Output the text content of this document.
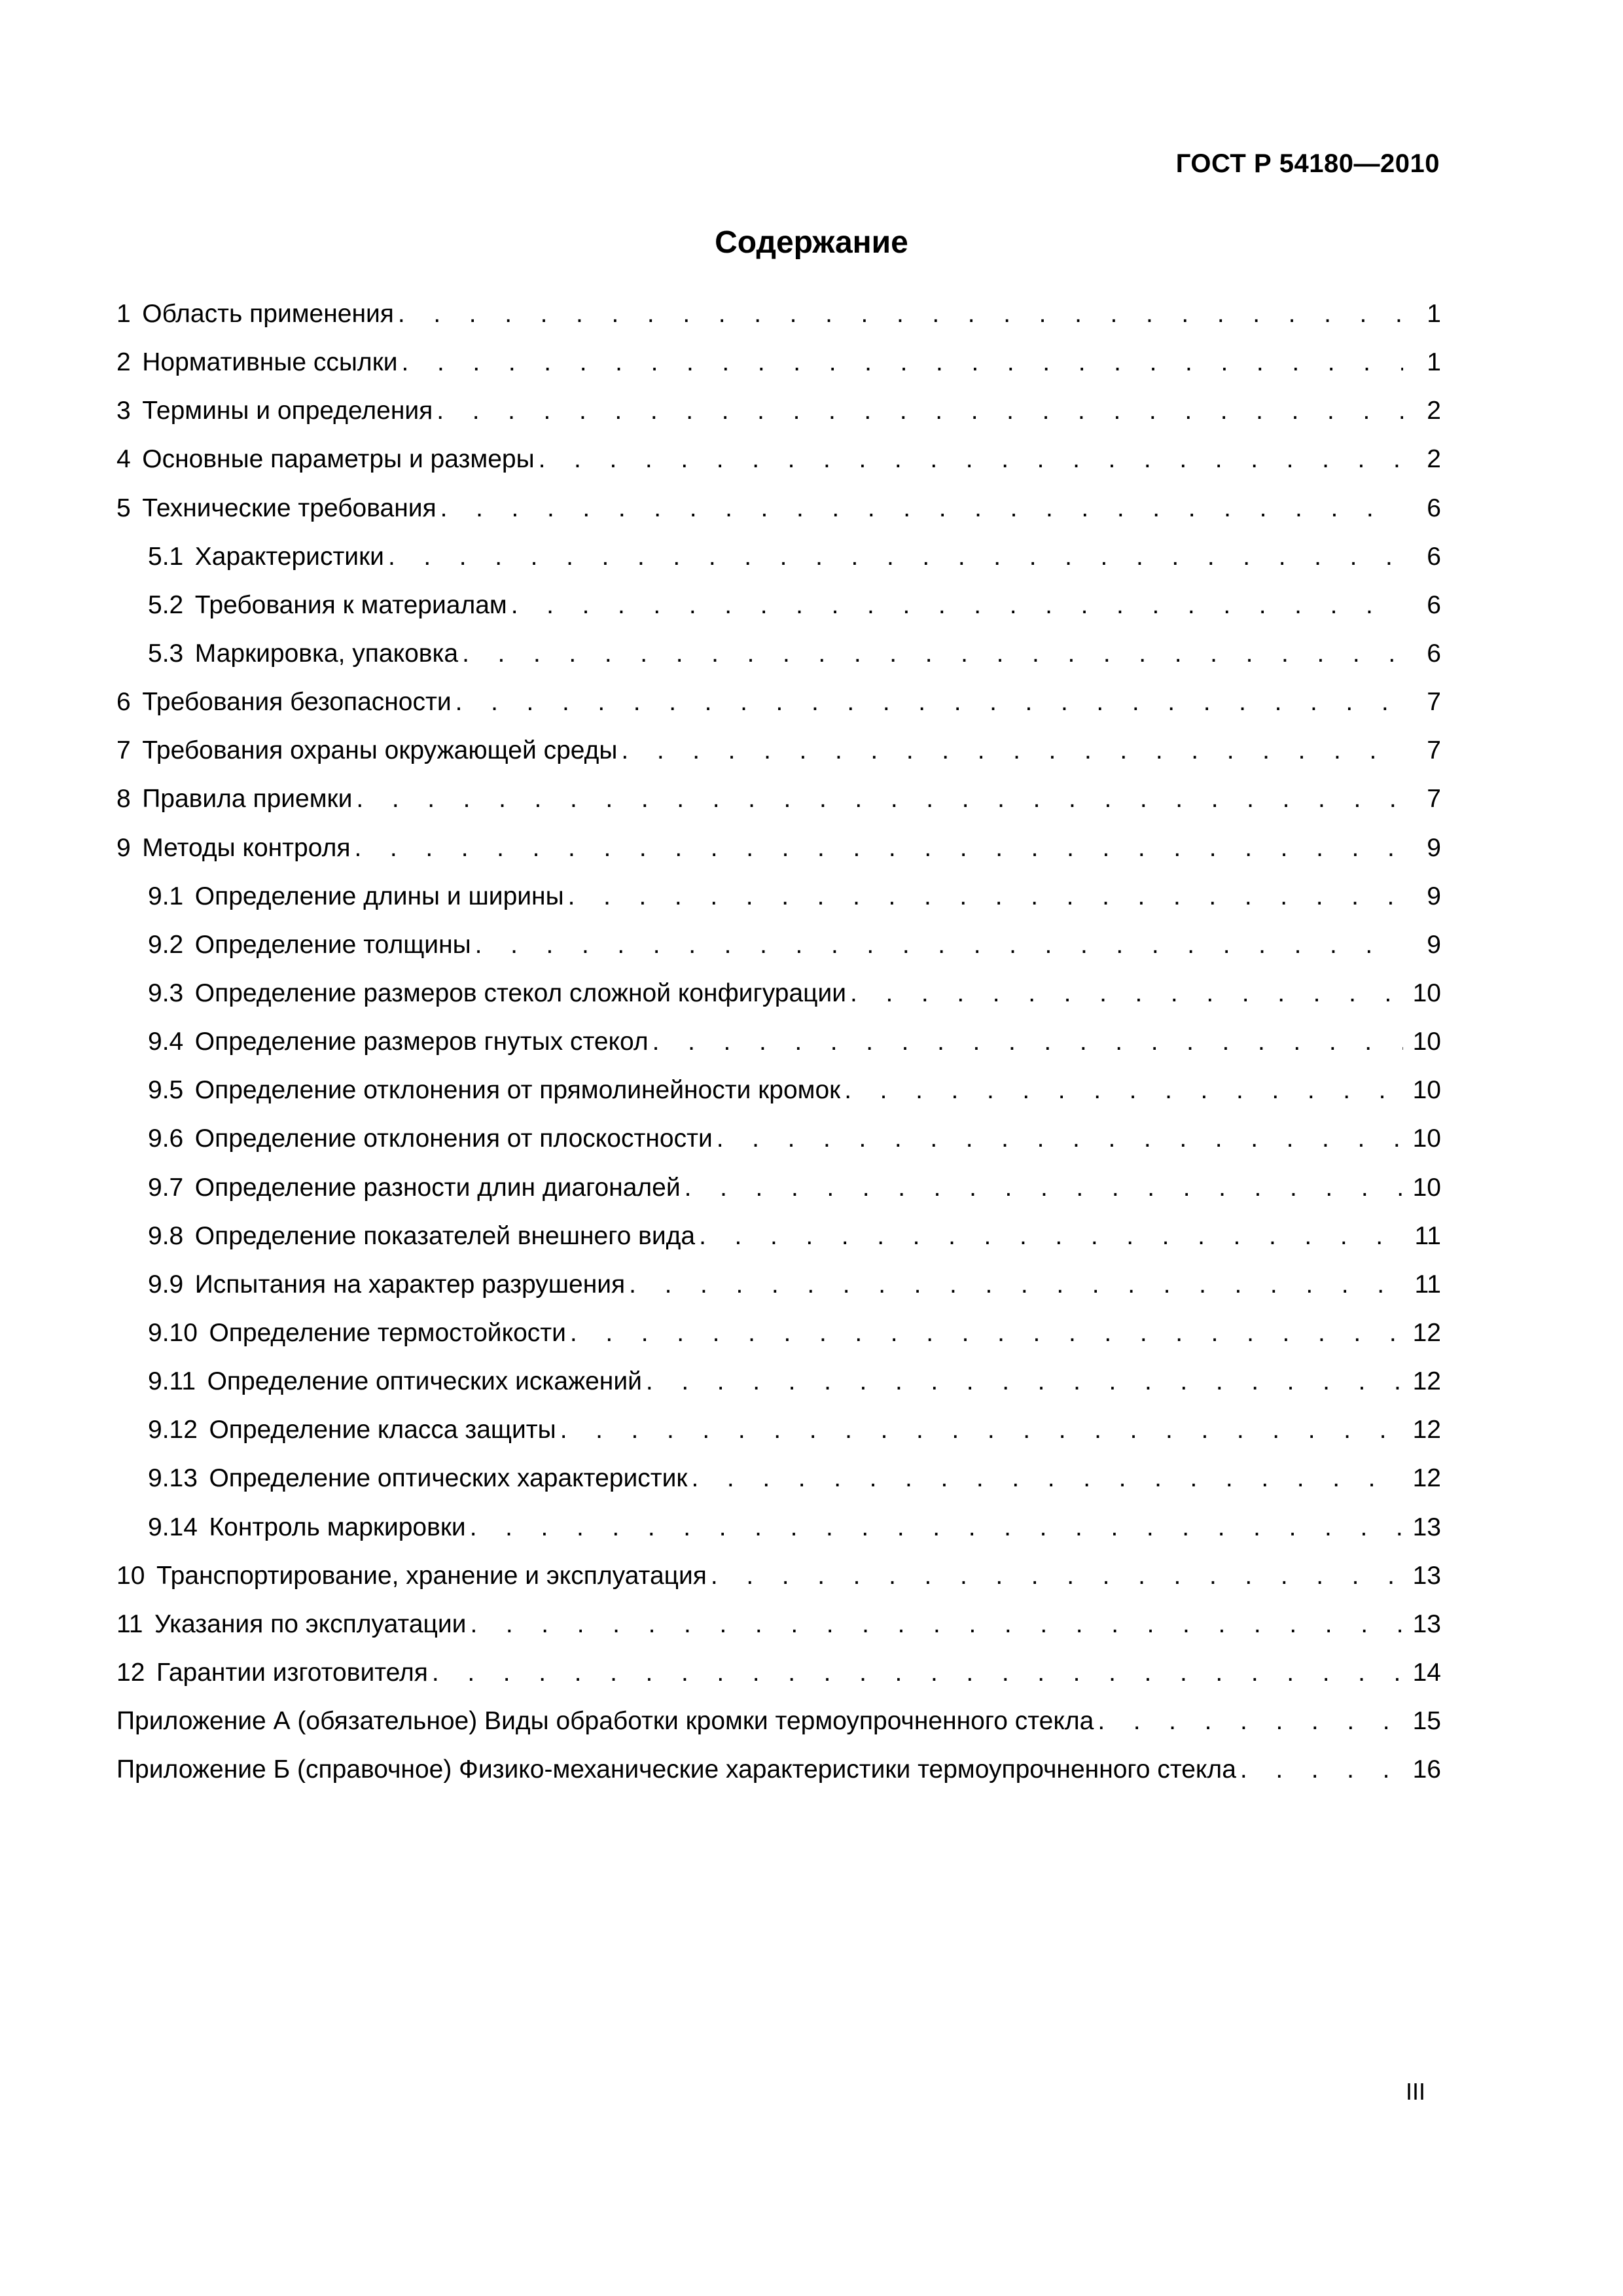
ГОСТ Р 54180—2010
Содержание
1 Область применения . . .	1
2 Нормативные ссылки . . .	1
3 Термины и определения . . .	2
4 Основные параметры и размеры . . .	2
5 Технические требования . . .	6
5.1 Характеристики . . .	6
5.2 Требования к материалам . . .	6
5.3 Маркировка, упаковка . . .	6
6 Требования безопасности . . .	7
7 Требования охраны окружающей среды . . .	7
8 Правила приемки . . .	7
9 Методы контроля . . .	9
9.1 Определение длины и ширины . . .	9
9.2 Определение толщины . . .	9
9.3 Определение размеров стекол сложной конфигурации . . .	10
9.4 Определение размеров гнутых стекол . . .	10
9.5 Определение отклонения от прямолинейности кромок . . .	10
9.6 Определение отклонения от плоскостности . . .	10
9.7 Определение разности длин диагоналей . . .	10
9.8 Определение показателей внешнего вида . . .	11
9.9 Испытания на характер разрушения . . .	11
9.10 Определение термостойкости . . .	12
9.11 Определение оптических искажений . . .	12
9.12 Определение класса защиты . . .	12
9.13 Определение оптических характеристик . . .	12
9.14 Контроль маркировки . . .	13
10 Транспортирование, хранение и эксплуатация . . .	13
11 Указания по эксплуатации . . .	13
12 Гарантии изготовителя . . .	14
Приложение А (обязательное) Виды обработки кромки термоупрочненного стекла . . .	15
Приложение Б (справочное) Физико-механические характеристики термоупрочненного стекла . . .	16
III
